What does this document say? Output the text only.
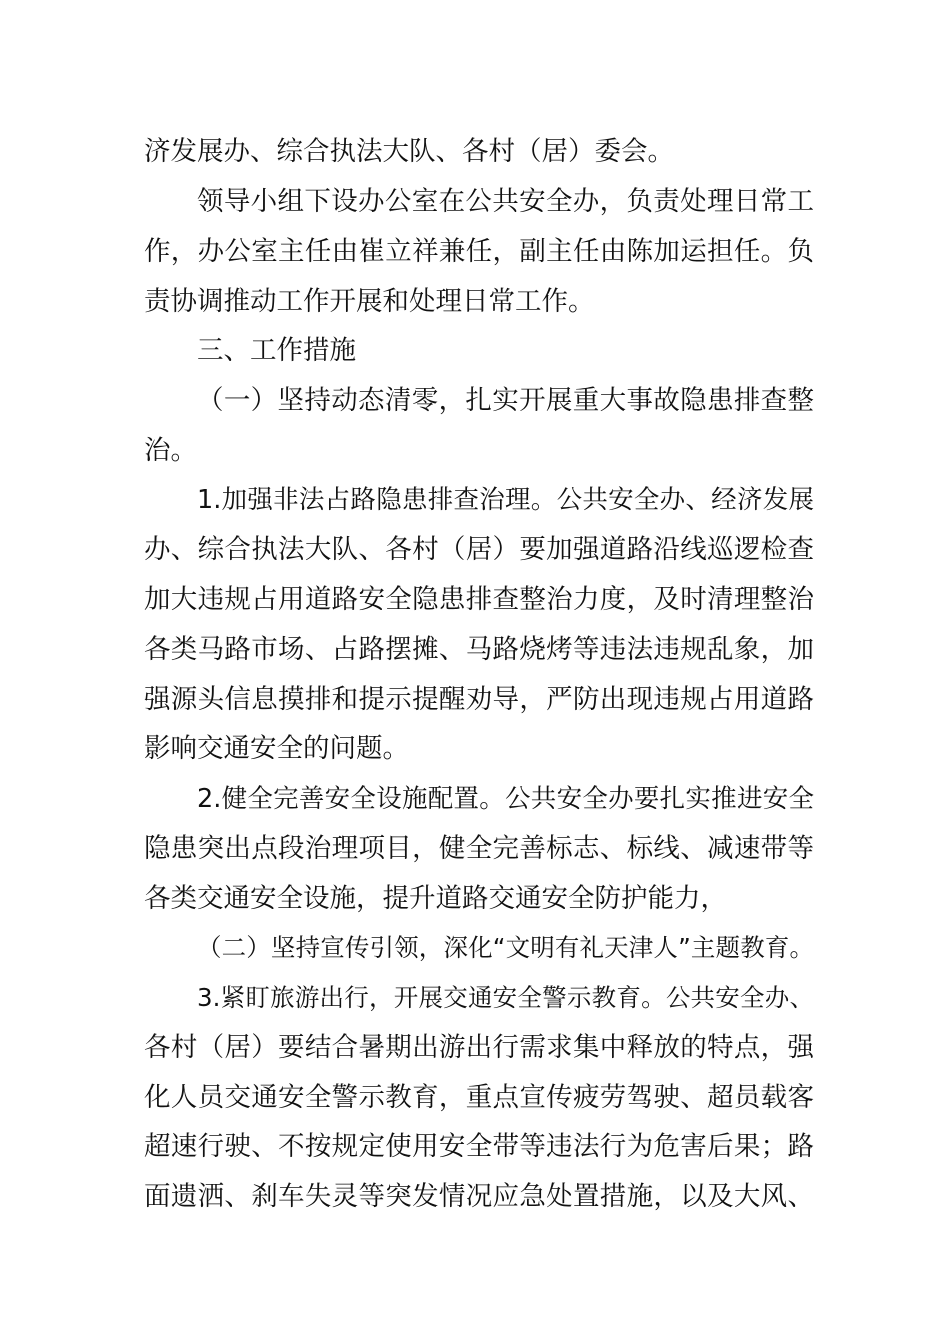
济发展办、综合执法大队、各村（居）委会。
领导小组下设办公室在公共安全办，负责处理日常工
作，办公室主任由崔立祥兼任，副主任由陈加运担任。负
责协调推动工作开展和处理日常工作。
三、工作措施
（一）坚持动态清零，扎实开展重大事故隐患排查整
治。
1.加强非法占路隐患排查治理。公共安全办、经济发展
办、综合执法大队、各村（居）要加强道路沿线巡逻检查
加大违规占用道路安全隐患排查整治力度，及时清理整治
各类马路市场、占路摆摊、马路烧烤等违法违规乱象，加
强源头信息摸排和提示提醒劝导，严防出现违规占用道路
影响交通安全的问题。
2.健全完善安全设施配置。公共安全办要扎实推进安全
隐患突出点段治理项目，健全完善标志、标线、减速带等
各类交通安全设施，提升道路交通安全防护能力，
（二）坚持宣传引领，深化“文明有礼天津人”主题教育。
3.紧盯旅游出行，开展交通安全警示教育。公共安全办、
各村（居）要结合暑期出游出行需求集中释放的特点，强
化人员交通安全警示教育，重点宣传疲劳驾驶、超员载客
超速行驶、不按规定使用安全带等违法行为危害后果；路
面遗洒、刹车失灵等突发情况应急处置措施，以及大风、
